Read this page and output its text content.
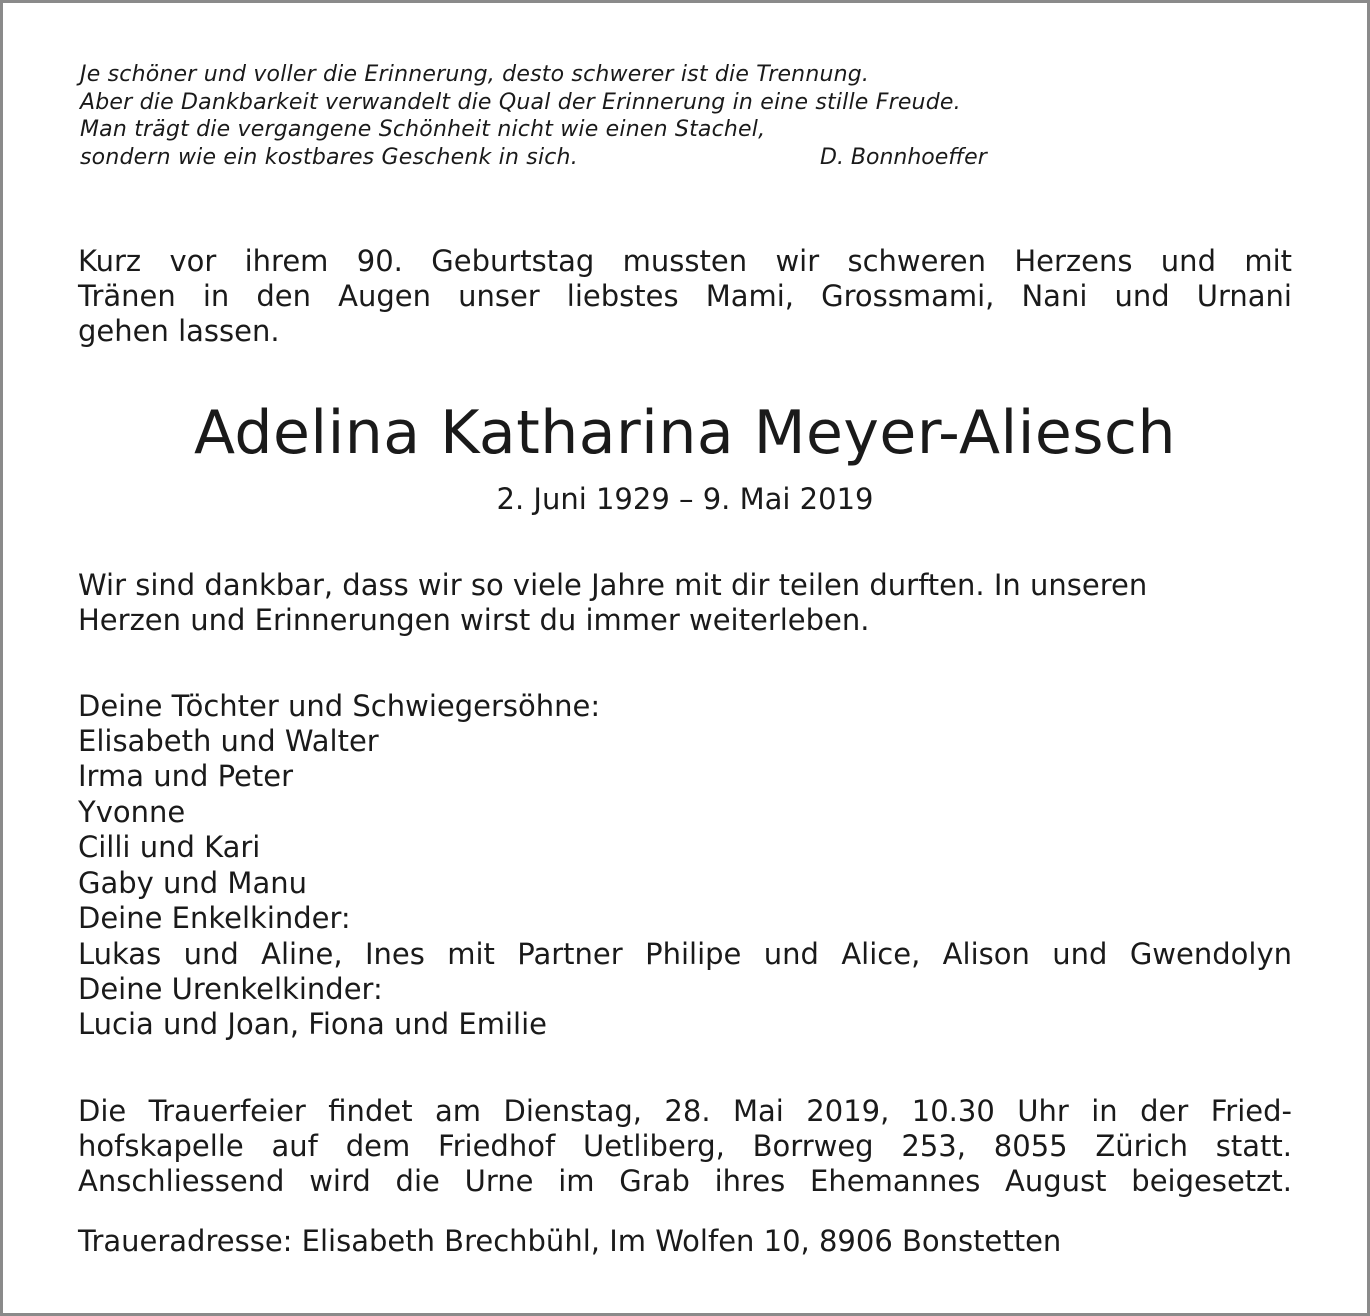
Je schöner und voller die Erinnerung, desto schwerer ist die Trennung.
Aber die Dankbarkeit verwandelt die Qual der Erinnerung in eine stille Freude.
Man trägt die vergangene Schönheit nicht wie einen Stachel,
sondern wie ein kostbares Geschenk in sich.	D. Bonnhoeffer
Kurz vor ihrem 90. Geburtstag mussten wir schweren Herzens und mit
Tränen in den Augen unser liebstes Mami, Grossmami, Nani und Urnani
gehen lassen.
Adelina Katharina Meyer-Aliesch
2. Juni 1929 – 9. Mai 2019
Wir sind dankbar, dass wir so viele Jahre mit dir teilen durften. In unseren
Herzen und Erinnerungen wirst du immer weiterleben.
Deine Töchter und Schwiegersöhne:
Elisabeth und Walter
Irma und Peter
Yvonne
Cilli und Kari
Gaby und Manu
Deine Enkelkinder:
Lukas und Aline, Ines mit Partner Philipe und Alice, Alison und Gwendolyn
Deine Urenkelkinder:
Lucia und Joan, Fiona und Emilie
Die Trauerfeier findet am Dienstag, 28. Mai 2019, 10.30 Uhr in der Fried-
hofskapelle auf dem Friedhof Uetliberg, Borrweg 253, 8055 Zürich statt.
Anschliessend wird die Urne im Grab ihres Ehemannes August beigesetzt.
Traueradresse: Elisabeth Brechbühl, Im Wolfen 10, 8906 Bonstetten
